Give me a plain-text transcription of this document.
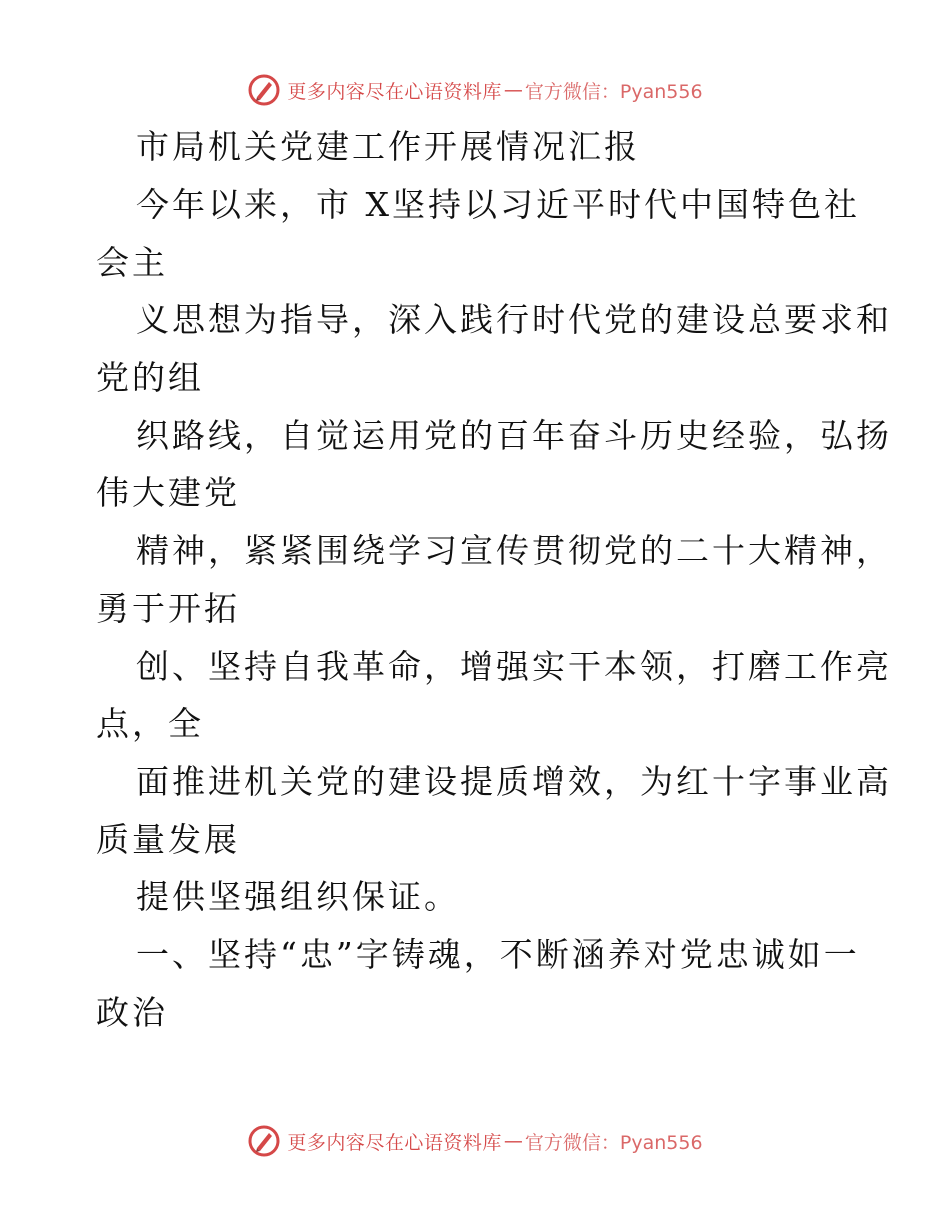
更多内容尽在心语资料库 — 官方微信：Pyan556
市局机关党建工作开展情况汇报
今年以来，市 X坚持以习近平时代中国特色社
会主
义思想为指导，深入践行时代党的建设总要求和
党的组
织路线，自觉运用党的百年奋斗历史经验，弘扬
伟大建党
精神，紧紧围绕学习宣传贯彻党的二十大精神，
勇于开拓
创、坚持自我革命，增强实干本领，打磨工作亮
点，全
面推进机关党的建设提质增效，为红十字事业高
质量发展
提供坚强组织保证。
一、坚持“忠”字铸魂，不断涵养对党忠诚如一
政治
更多内容尽在心语资料库 — 官方微信：Pyan556
